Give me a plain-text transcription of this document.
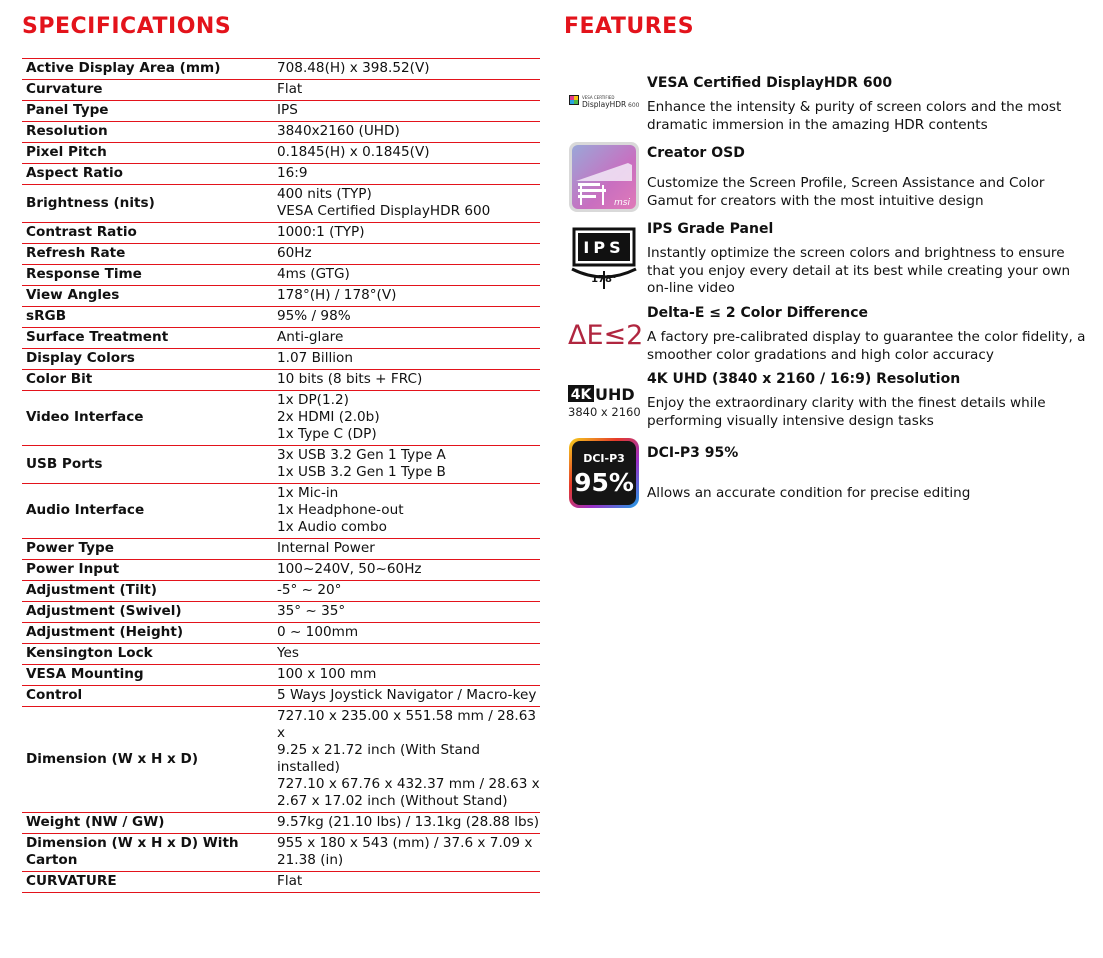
SPECIFICATIONS	FEATURES
Active Display Area (mm)	708.48(H) x 398.52(V)
Curvature	Flat
Panel Type	IPS
Resolution	3840x2160 (UHD)
Pixel Pitch	0.1845(H) x 0.1845(V)
Aspect Ratio	16:9
Brightness (nits)	400 nits (TYP)
VESA Certified DisplayHDR 600
Contrast Ratio	1000:1 (TYP)
Refresh Rate	60Hz
Response Time	4ms (GTG)
View Angles	178°(H) / 178°(V)
sRGB	95% / 98%
Surface Treatment	Anti-glare
Display Colors	1.07 Billion
Color Bit	10 bits (8 bits + FRC)
Video Interface	1x DP(1.2)
2x HDMI (2.0b)
1x Type C (DP)
USB Ports	3x USB 3.2 Gen 1 Type A
1x USB 3.2 Gen 1 Type B
Audio Interface	1x Mic-in
1x Headphone-out
1x Audio combo
Power Type	Internal Power
Power Input	100~240V, 50~60Hz
Adjustment (Tilt)	-5° ~ 20°
Adjustment (Swivel)	35° ~ 35°
Adjustment (Height)	0 ~ 100mm
Kensington Lock	Yes
VESA Mounting	100 x 100 mm
Control	5 Ways Joystick Navigator / Macro-key
Dimension (W x H x D)	727.10 x 235.00 x 551.58 mm / 28.63 x
9.25 x 21.72 inch (With Stand installed)
727.10 x 67.76 x 432.37 mm / 28.63 x
2.67 x 17.02 inch (Without Stand)
Weight (NW / GW)	9.57kg (21.10 lbs) / 13.1kg (28.88 lbs)
Dimension (W x H x D) With
Carton	955 x 180 x 543 (mm) / 37.6 x 7.09 x
21.38 (in)
CURVATURE	Flat
VESA CERTIFIED
DisplayHDR 600

VESA Certified DisplayHDR 600

Enhance the intensity & purity of screen colors and the most dramatic immersion in the amazing HDR contents

msi

Creator OSD

Customize the Screen Profile, Screen Assistance and Color Gamut for creators with the most intuitive design

IPS
178°

IPS Grade Panel

Instantly optimize the screen colors and brightness to ensure that you enjoy every detail at its best while creating your own on-line video

ΔE≤2

Delta-E ≤ 2 Color Difference

A factory pre-calibrated display to guarantee the color fidelity, a smoother color gradations and high color accuracy

4K UHD
3840 x 2160

4K UHD (3840 x 2160 / 16:9) Resolution

Enjoy the extraordinary clarity with the finest details while performing visually intensive design tasks

DCI-P3
95%

DCI-P3 95%

Allows an accurate condition for precise editing
